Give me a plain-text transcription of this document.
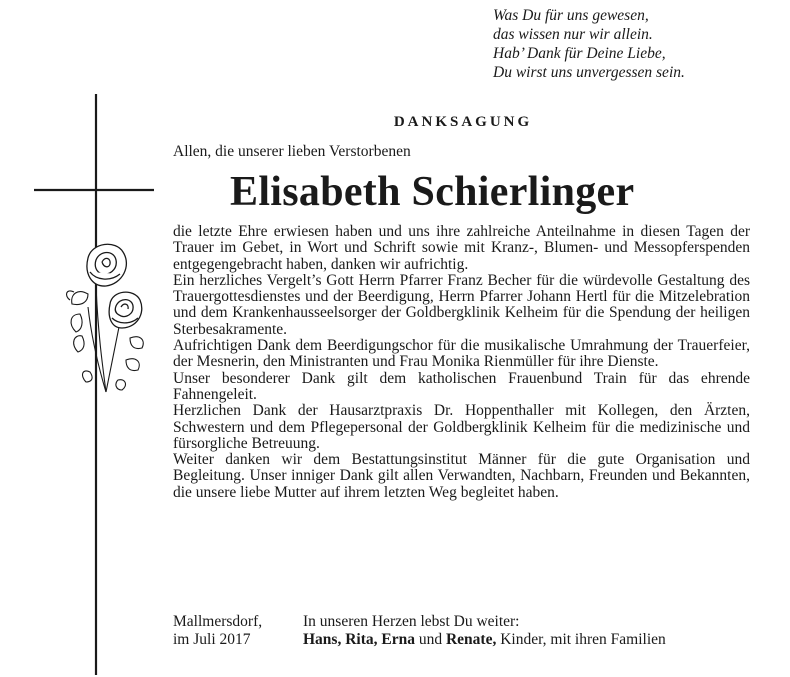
Was Du für uns gewesen,
das wissen nur wir allein.
Hab’ Dank für Deine Liebe,
Du wirst uns unvergessen sein.
DANKSAGUNG
Allen, die unserer lieben Verstorbenen
Elisabeth Schierlinger

die letzte Ehre erwiesen haben und uns ihre zahlreiche Anteilnahme in diesen Tagen der Trauer im Gebet, in Wort und Schrift sowie mit Kranz-, Blumen- und Messopferspenden entgegengebracht haben, danken wir aufrichtig.

Ein herzliches Vergelt’s Gott Herrn Pfarrer Franz Becher für die würdevolle Gestaltung des Trauergottesdienstes und der Beerdigung, Herrn Pfarrer Johann Hertl für die Mitzelebration und dem Krankenhausseelsorger der Goldbergklinik Kelheim für die Spendung der heiligen Sterbesakramente.

Aufrichtigen Dank dem Beerdigungschor für die musikalische Umrahmung der Trauerfeier, der Mesnerin, den Ministranten und Frau Monika Rienmüller für ihre Dienste.

Unser besonderer Dank gilt dem katholischen Frauenbund Train für das ehrende Fahnengeleit.

Herzlichen Dank der Hausarztpraxis Dr. Hoppenthaller mit Kollegen, den Ärzten, Schwestern und dem Pflegepersonal der Goldbergklinik Kelheim für die medizinische und fürsorgliche Betreuung.

Weiter danken wir dem Bestattungsinstitut Männer für die gute Organisation und Begleitung. Unser inniger Dank gilt allen Verwandten, Nachbarn, Freunden und Bekannten, die unsere liebe Mutter auf ihrem letzten Weg begleitet haben.

Mallmersdorf,
im Juli 2017
In unseren Herzen lebst Du weiter:
Hans, Rita, Erna und Renate, Kinder, mit ihren Familien
